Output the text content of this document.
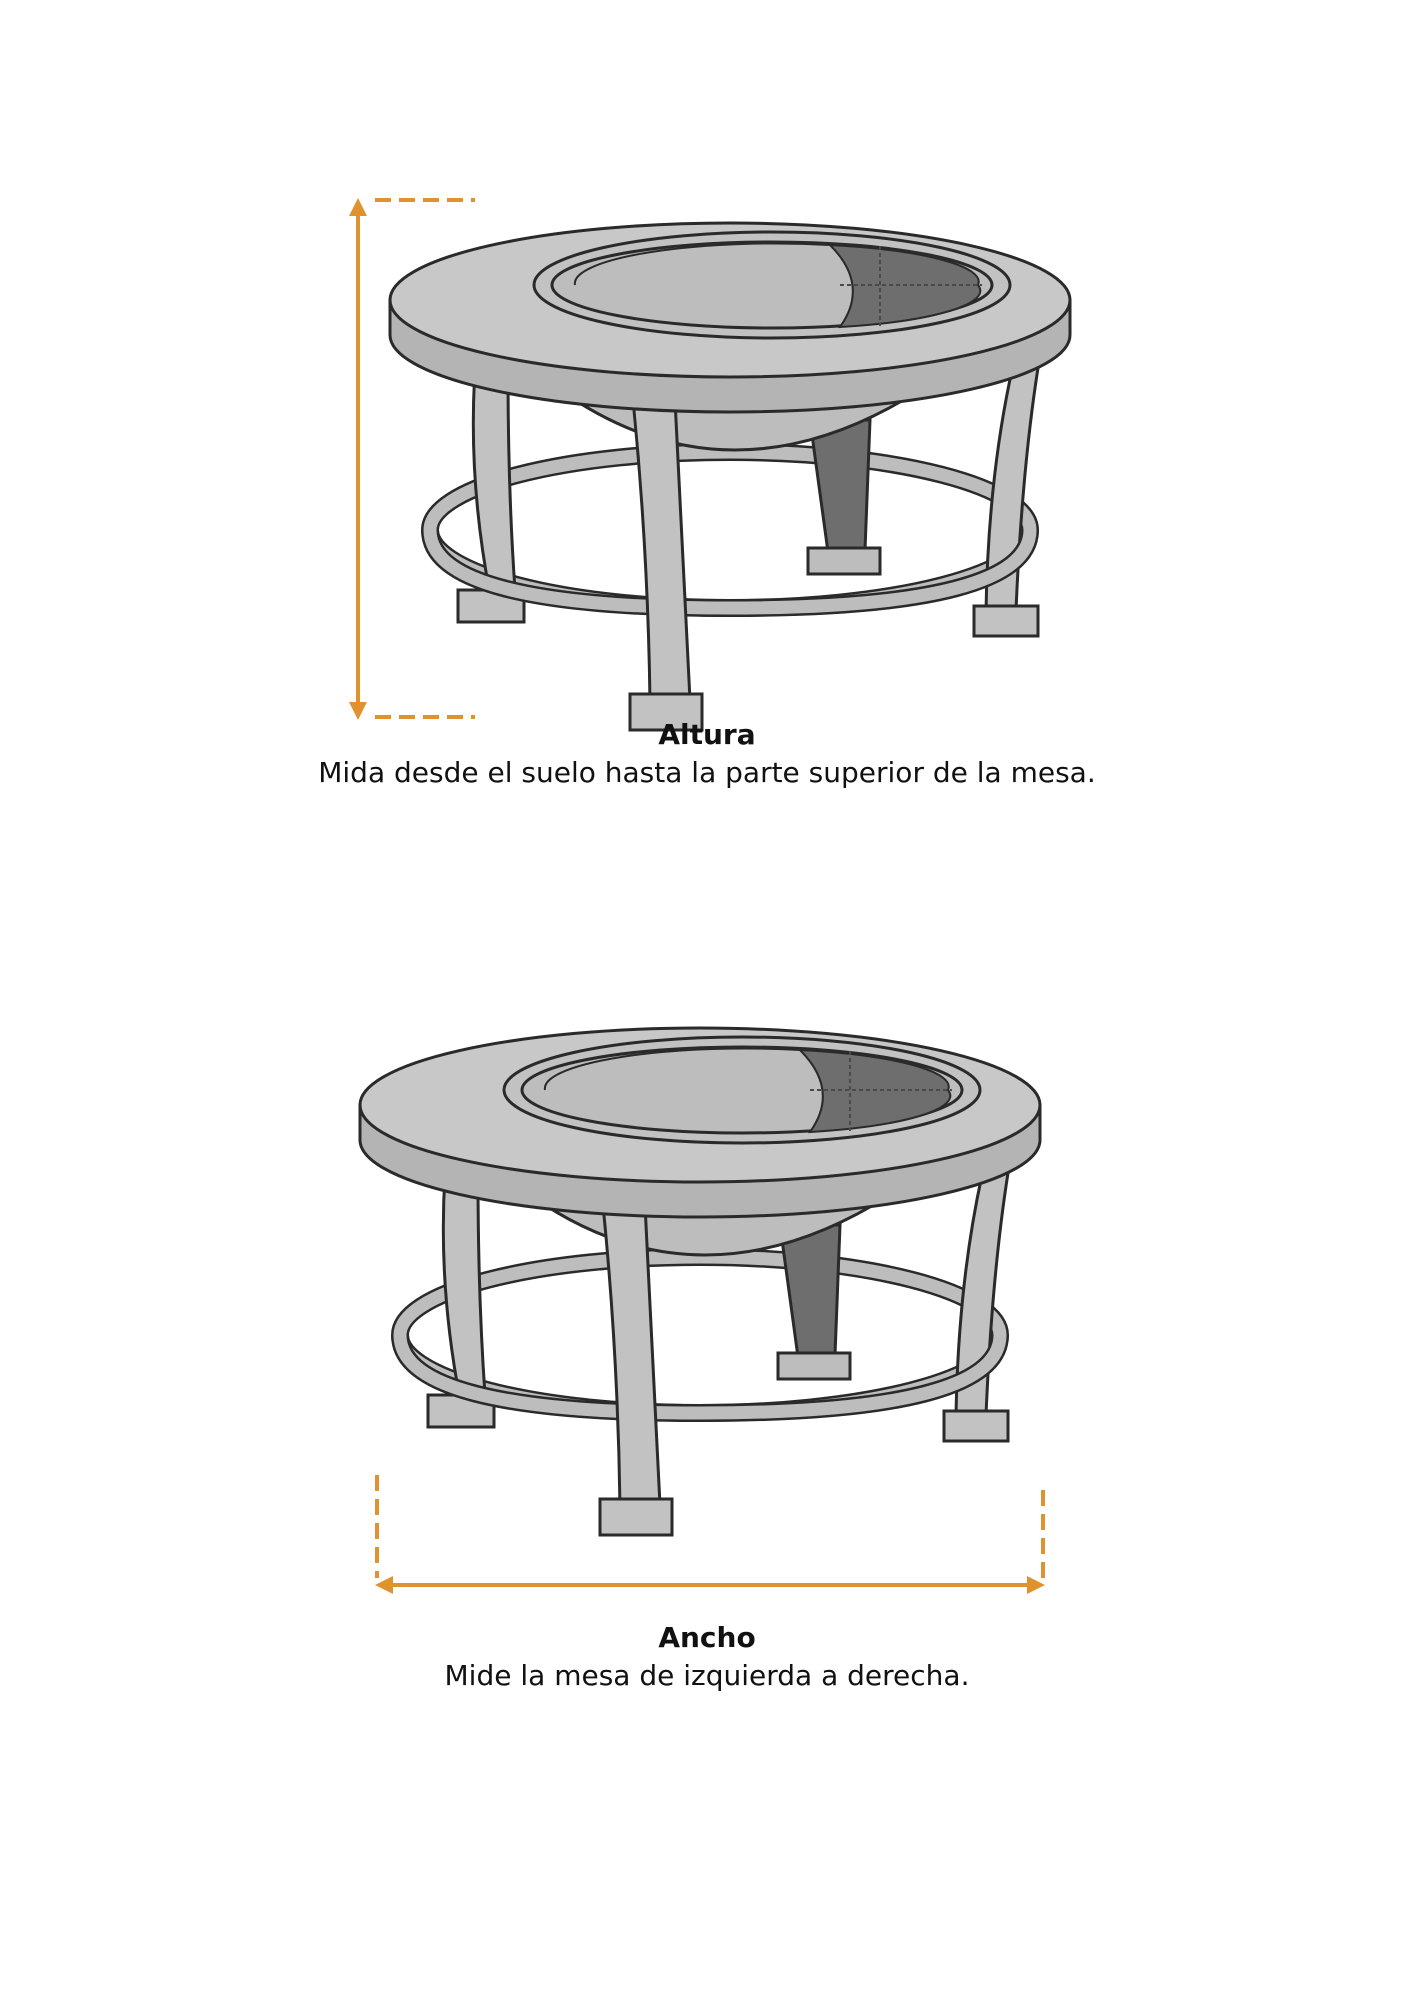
Altura
Mida desde el suelo hasta la parte superior de la mesa.
Ancho
Mide la mesa de izquierda a derecha.
